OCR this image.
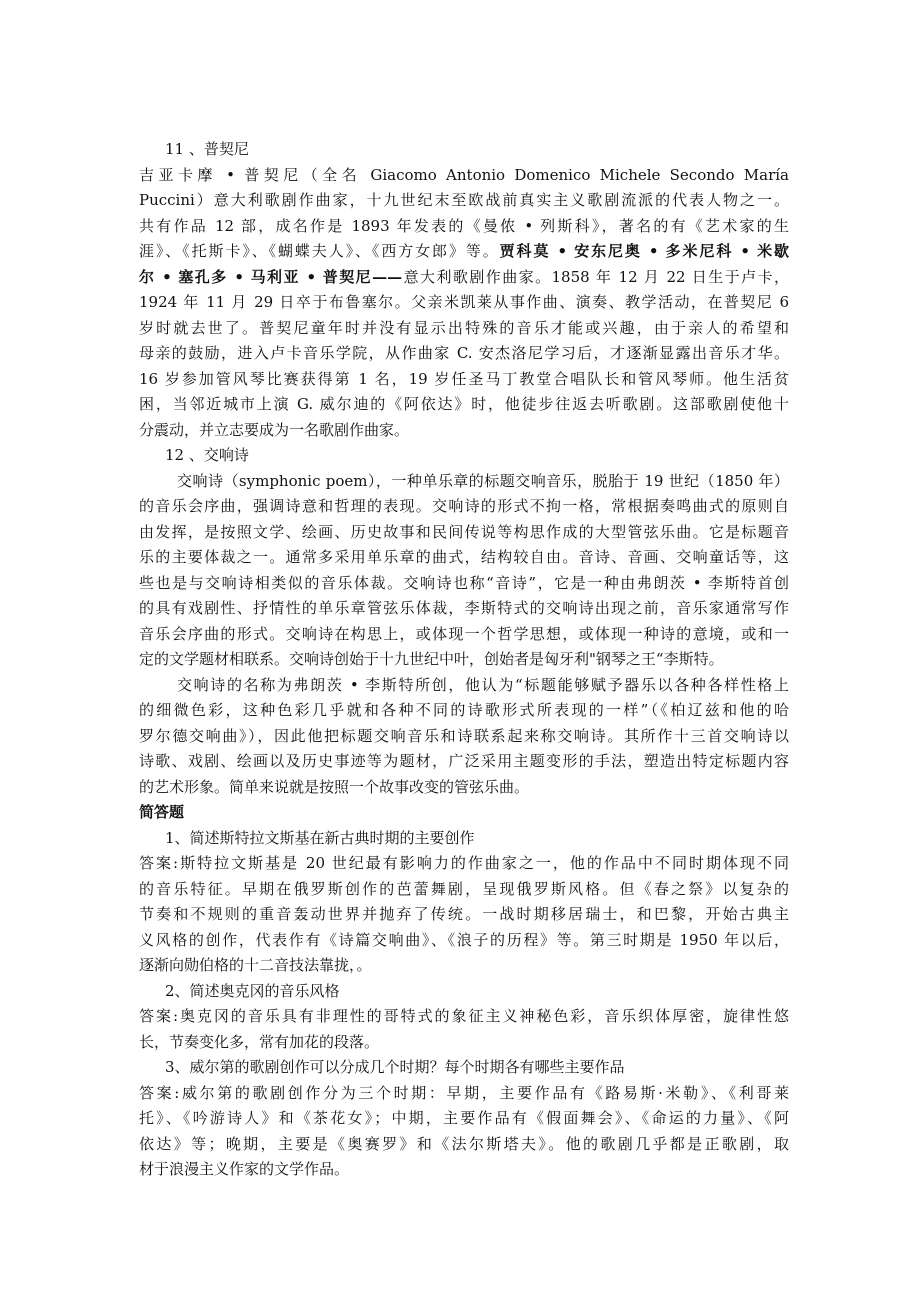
11 、普契尼
吉亚卡摩 • 普契尼（全名 Giacomo Antonio Domenico Michele Secondo María
Puccini）意大利歌剧作曲家，十九世纪末至欧战前真实主义歌剧流派的代表人物之一。
共有作品 12 部，成名作是 1893 年发表的《曼侬 • 列斯科》，著名的有《艺术家的生
涯》、《托斯卡》、《蝴蝶夫人》、《西方女郎》等。贾科莫 • 安东尼奥 • 多米尼科 • 米歇
尔 • 塞孔多 • 马利亚 • 普契尼——意大利歌剧作曲家。1858 年 12 月 22 日生于卢卡，
1924 年 11 月 29 日卒于布鲁塞尔。父亲米凯莱从事作曲、演奏、教学活动，在普契尼 6
岁时就去世了。普契尼童年时并没有显示出特殊的音乐才能或兴趣，由于亲人的希望和
母亲的鼓励，进入卢卡音乐学院，从作曲家 C. 安杰洛尼学习后，才逐渐显露出音乐才华。
16 岁参加管风琴比赛获得第 1 名，19 岁任圣马丁教堂合唱队长和管风琴师。他生活贫
困，当邻近城市上演 G. 威尔迪的《阿依达》时，他徒步往返去听歌剧。这部歌剧使他十
分震动，并立志要成为一名歌剧作曲家。
12 、交响诗
交响诗（symphonic poem），一种单乐章的标题交响音乐，脱胎于 19 世纪（1850 年）
的音乐会序曲，强调诗意和哲理的表现。交响诗的形式不拘一格，常根据奏鸣曲式的原则自
由发挥，是按照文学、绘画、历史故事和民间传说等构思作成的大型管弦乐曲。它是标题音
乐的主要体裁之一。通常多采用单乐章的曲式，结构较自由。音诗、音画、交响童话等，这
些也是与交响诗相类似的音乐体裁。交响诗也称“音诗”，它是一种由弗朗茨 • 李斯特首创
的具有戏剧性、抒情性的单乐章管弦乐体裁，李斯特式的交响诗出现之前，音乐家通常写作
音乐会序曲的形式。交响诗在构思上，或体现一个哲学思想，或体现一种诗的意境，或和一
定的文学题材相联系。交响诗创始于十九世纪中叶，创始者是匈牙利"钢琴之王“李斯特。
交响诗的名称为弗朗茨 • 李斯特所创，他认为“标题能够赋予器乐以各种各样性格上
的细微色彩，这种色彩几乎就和各种不同的诗歌形式所表现的一样”（《柏辽兹和他的哈
罗尔德交响曲》），因此他把标题交响音乐和诗联系起来称交响诗。其所作十三首交响诗以
诗歌、戏剧、绘画以及历史事迹等为题材，广泛采用主题变形的手法，塑造出特定标题内容
的艺术形象。简单来说就是按照一个故事改变的管弦乐曲。
简答题
1、简述斯特拉文斯基在新古典时期的主要创作
答案:斯特拉文斯基是 20 世纪最有影响力的作曲家之一，他的作品中不同时期体现不同
的音乐特征。早期在俄罗斯创作的芭蕾舞剧，呈现俄罗斯风格。但《春之祭》以复杂的
节奏和不规则的重音轰动世界并抛弃了传统。一战时期移居瑞士，和巴黎，开始古典主
义风格的创作，代表作有《诗篇交响曲》、《浪子的历程》等。第三时期是 1950 年以后，
逐渐向勋伯格的十二音技法靠拢，。
2、简述奥克冈的音乐风格
答案:奥克冈的音乐具有非理性的哥特式的象征主义神秘色彩，音乐织体厚密，旋律性悠
长，节奏变化多，常有加花的段落。
3、威尔第的歌剧创作可以分成几个时期？每个时期各有哪些主要作品
答案:威尔第的歌剧创作分为三个时期：早期，主要作品有《路易斯·米勒》、《利哥莱
托》、《吟游诗人》和《茶花女》；中期，主要作品有《假面舞会》、《命运的力量》、《阿
依达》等；晚期，主要是《奥赛罗》和《法尔斯塔夫》。他的歌剧几乎都是正歌剧，取
材于浪漫主义作家的文学作品。
